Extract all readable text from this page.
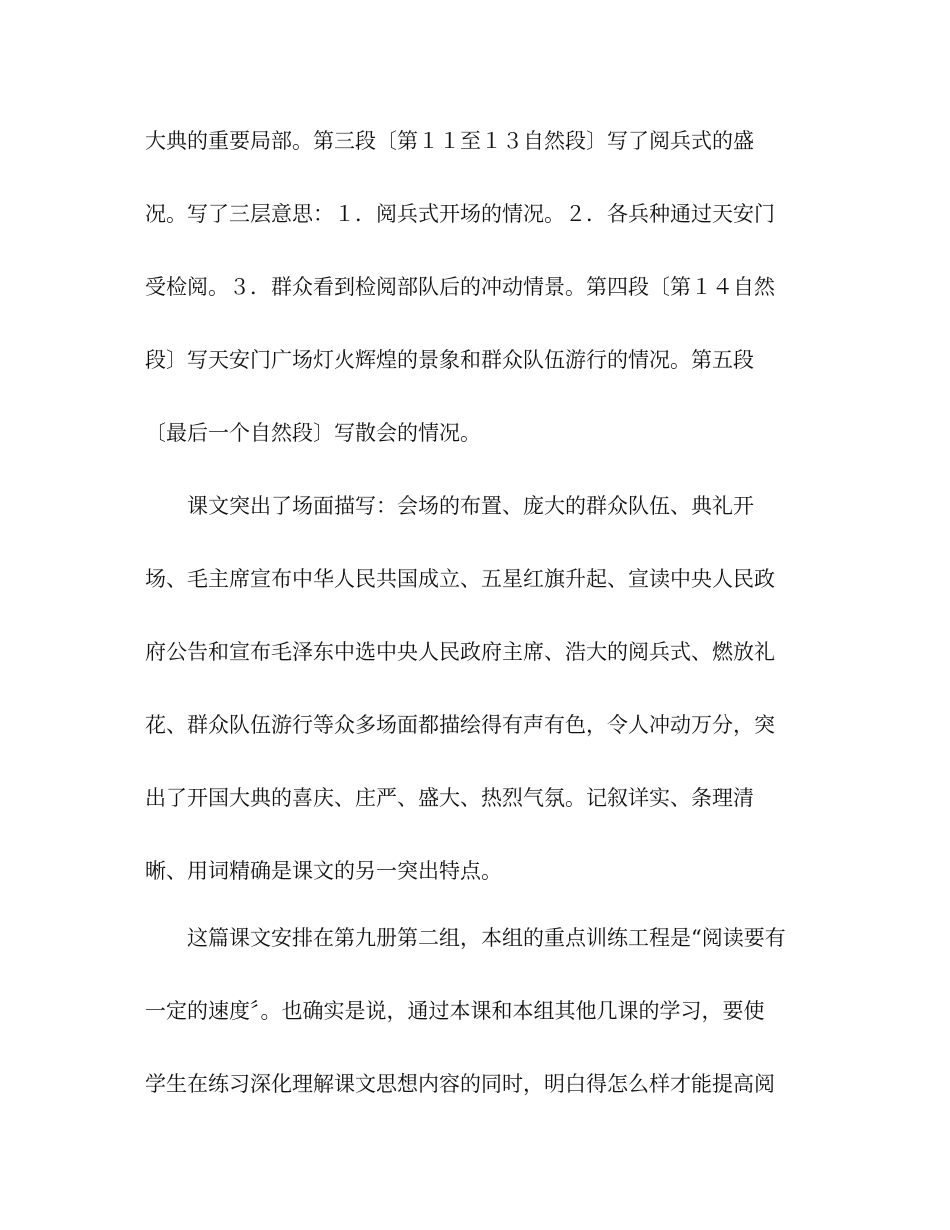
大典的重要局部。第三段〔第１１至１３自然段〕写了阅兵式的盛
况。写了三层意思：１．阅兵式开场的情况。２．各兵种通过天安门
受检阅。３．群众看到检阅部队后的冲动情景。第四段〔第１４自然
段〕写天安门广场灯火辉煌的景象和群众队伍游行的情况。第五段
〔最后一个自然段〕写散会的情况。
课文突出了场面描写：会场的布置、庞大的群众队伍、典礼开
场、毛主席宣布中华人民共国成立、五星红旗升起、宣读中央人民政
府公告和宣布毛泽东中选中央人民政府主席、浩大的阅兵式、燃放礼
花、群众队伍游行等众多场面都描绘得有声有色，令人冲动万分，突
出了开国大典的喜庆、庄严、盛大、热烈气氛。记叙详实、条理清
晰、用词精确是课文的另一突出特点。
这篇课文安排在第九册第二组，本组的重点训练工程是“阅读要有
一定的速度〞。也确实是说，通过本课和本组其他几课的学习，要使
学生在练习深化理解课文思想内容的同时，明白得怎么样才能提高阅
